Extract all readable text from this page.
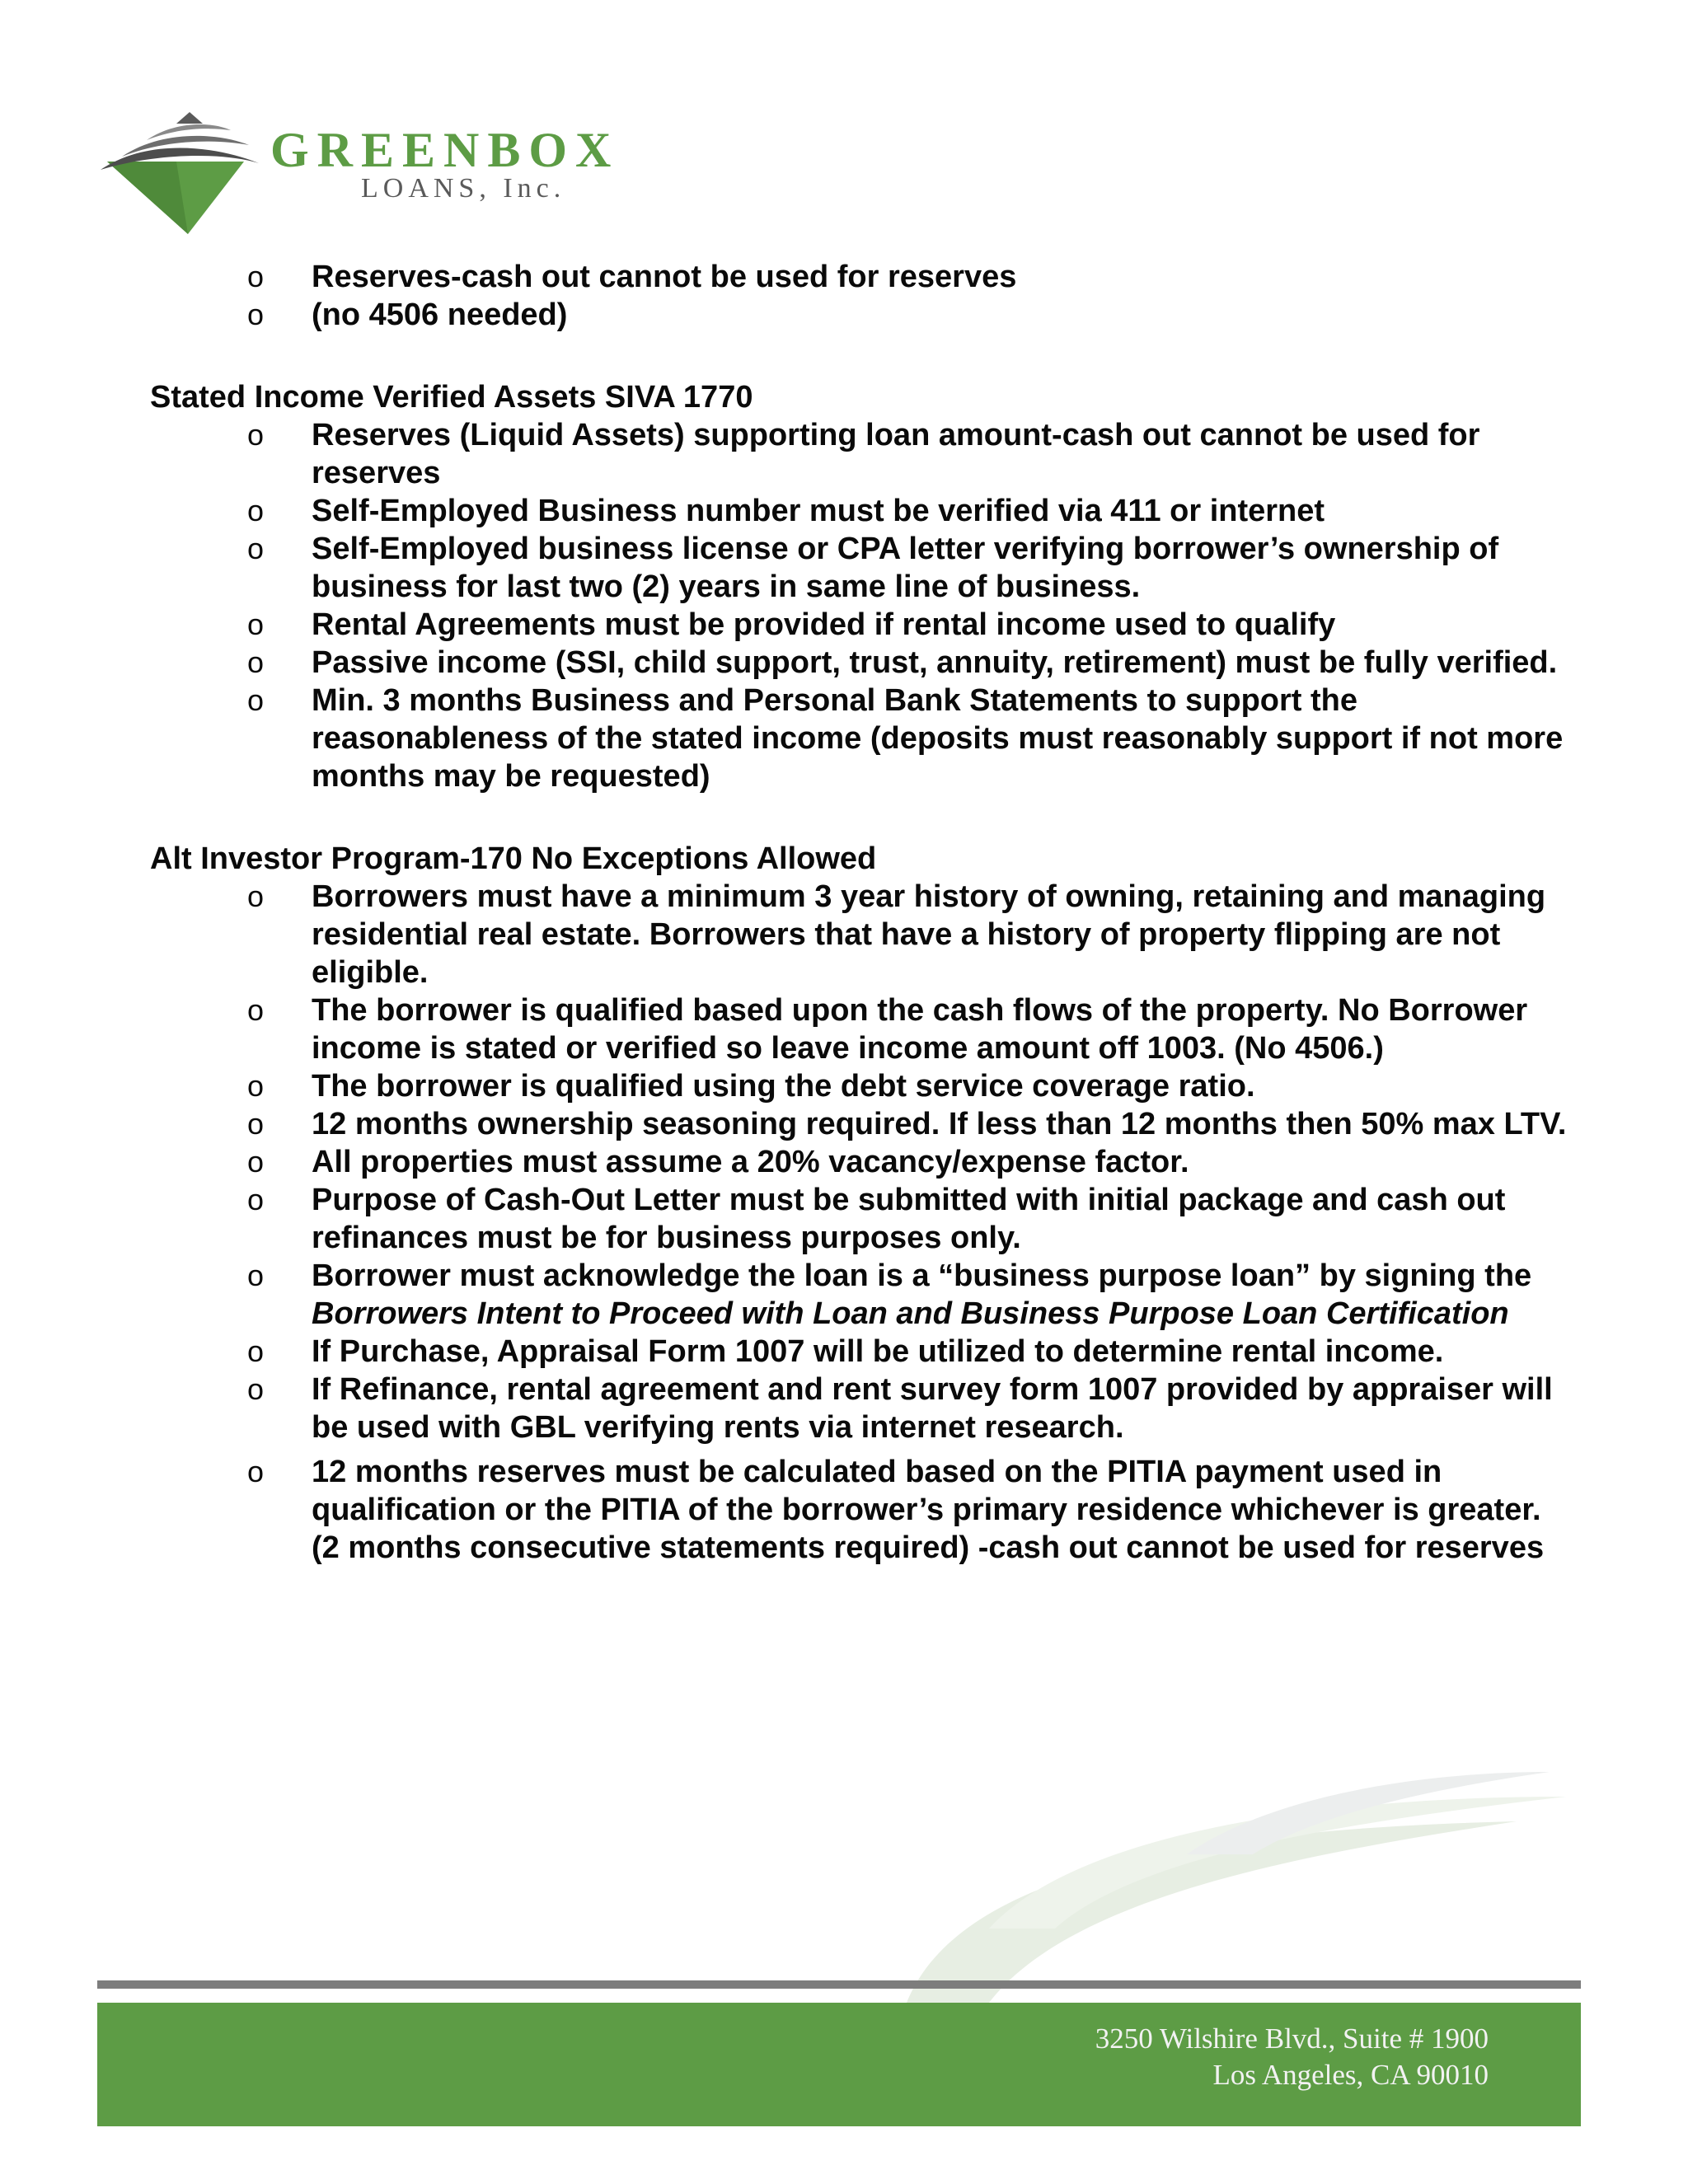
GREENBOX
LOANS, Inc.
o Reserves-cash out cannot be used for reserves
o (no 4506 needed)
Stated Income Verified Assets SIVA 1770
o Reserves (Liquid Assets) supporting loan amount-cash out cannot be used for reserves
o Self-Employed Business number must be verified via 411 or internet
o Self-Employed business license or CPA letter verifying borrower’s ownership of business for last two (2) years in same line of business.
o Rental Agreements must be provided if rental income used to qualify
o Passive income (SSI, child support, trust, annuity, retirement) must be fully verified.
o Min. 3 months Business and Personal Bank Statements to support the reasonableness of the stated income (deposits must reasonably support if not more months may be requested)
Alt Investor Program-170 No Exceptions Allowed
o Borrowers must have a minimum 3 year history of owning, retaining and managing residential real estate. Borrowers that have a history of property flipping are not eligible.
o The borrower is qualified based upon the cash flows of the property. No Borrower income is stated or verified so leave income amount off 1003. (No 4506.)
o The borrower is qualified using the debt service coverage ratio.
o 12 months ownership seasoning required. If less than 12 months then 50% max LTV.
o All properties must assume a 20% vacancy/expense factor.
o Purpose of Cash-Out Letter must be submitted with initial package and cash out refinances must be for business purposes only.
o Borrower must acknowledge the loan is a “business purpose loan” by signing the Borrowers Intent to Proceed with Loan and Business Purpose Loan Certification
o If Purchase, Appraisal Form 1007 will be utilized to determine rental income.
o If Refinance, rental agreement and rent survey form 1007 provided by appraiser will be used with GBL verifying rents via internet research.
o 12 months reserves must be calculated based on the PITIA payment used in qualification or the PITIA of the borrower’s primary residence whichever is greater. (2 months consecutive statements required) -cash out cannot be used for reserves
3250 Wilshire Blvd., Suite # 1900
Los Angeles, CA 90010
